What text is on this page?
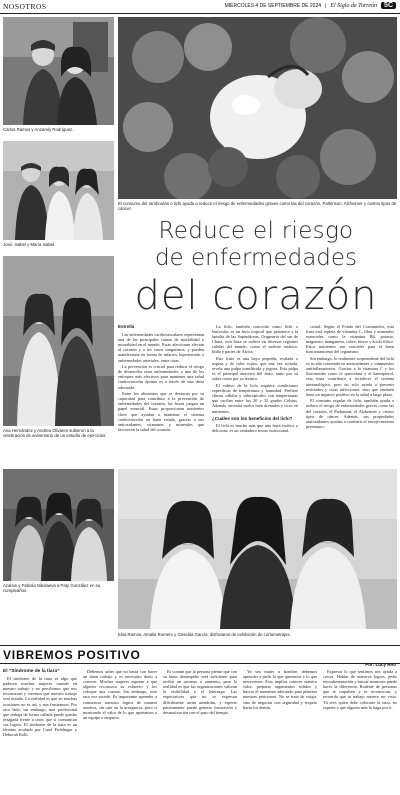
NOSOTROS	MIÉRCOLES 4 DE SEPTIEMBRE DE 2024 | El Siglo de Torreón	5C
Carlos Ramos y Anzarely Rodríguez.
El consumo del ramboután o lichi ayuda a reducir el riesgo de enfermedades graves como las del corazón, Parkinson, Alzheimer y ciertos tipos de cáncer.
Reduce el riesgo
de enfermedades
del corazón
José, Isabel y María Isabel.
Ana Hernández y Andrea Olivares subieron a la celebración de aniversario de un estudio de ejercicios.
Estrella

Las enfermedades cardiovasculares representan una de las principales causas de morbilidad y mortalidad en el mundo. Estas afecciones afectan al corazón y a los vasos sanguíneos, y pueden manifestarse en forma de infartos, hipertensión o enfermedades arteriales, entre otras.

La prevención es crucial para reducir el riesgo de desarrollar estas enfermedades, y uno de los enfoques más efectivos para mantener una salud cardiovascular óptima es a través de una dieta adecuada.

Entre los alimentos que se destacan por su capacidad para contribuir a la prevención de enfermedades del corazón, las frutas juegan un papel esencial. Estas proporcionan nutrientes clave que ayudan a mantener el sistema cardiovascular en buen estado, gracias a sus antioxidantes, vitaminas y minerales que favorecen la salud del corazón.

La lichi, también conocida como lichi o lenticular, es un fruto tropical que pertenece a la familia de las Sapindáceas. Originaria del sur de China, esta fruta se cultiva en diversas regiones cálidas del mundo, como el sudeste asiático, India y partes de África.

Este fruto es una baya pequeña, ovalada o rugosa y de color rojizo, que una vez tostada, revela una pulpa translúcida y jugosa. Esta pulpa es el principal atractivo del fruto, tanto por su sabor como por su textura.

El cultivo de la lichi requiere condiciones específicas de temperatura y humedad. Prefiere climas cálidos y subtropicales con temperaturas que oscilan entre los 20 y 35 grados Celsius. Además, necesita suelos bien drenados y ricos en nutrientes.

¿Cuáles son los beneficios del lichi?

El lichi es mucho más que una fruta exótica y deliciosa; es un verdadero tesoro nutricional.

cional. Según el Fondo del Consumidor, esta fruta está repleta de vitamina C, fibra y minerales esenciales como la vitamina B6, potasio, magnesio, manganeso, cobre, hierro y ácido fólico. Estos nutrientes son cruciales para el buen funcionamiento del organismo.

Sin embargo, lo realmente sorprendente del lichi es su alto contenido en antioxidantes y compuestos antiinflamatorios. Gracias a la vitamina C y los flavonoides como la quercetina y el kaempferol, esta fruta contribuye a fortalecer el sistema inmunológico, pero no solo ayuda a prevenir resfriados y otras infecciones, sino que también tiene un impacto positivo en la salud a largo plazo.

El consumo regular de lichi, también ayuda a reducir el riesgo de enfermedades graves como las del corazón, el Parkinson, el Alzheimer y ciertos tipos de cáncer. Además, sus propiedades antioxidantes ayudan a combatir el envejecimiento prematuro.

Azalain y Fabiola Nikolaeva a Paty González en su cumpleaños.
Elsa Ramos, Amalia Romero y Griselda García, disfrutaron de exhibición de cortometrajes.
VIBREMOS POSITIVO
Por: Lucy Hoo
El “Síndrome de la tiara”

El síndrome de la tiara es algo que padecen muchas mujeres cuando en nuestro trabajo y no percibimos que nos reconozcan y creemos que nuestro trabajo será notado. La realidad es que en muchas ocasiones no es así, y nos frustramos. Por otro lado, sin embargo, una profesional que trabaja de forma callada puede quedar rezagada frente a otros que sí comunican sus logros. El síndrome de la tiara es un término acuñado por Carol Frohlinger y Deborah Kolb.

Debemos saber que no basta con hacer un buen trabajo y es necesario darlo a conocer. Muchas mujeres esperan a que alguien reconozca su esfuerzo y les coloque una corona. Sin embargo, esto rara vez sucede. Es importante aprender a comunicar nuestros logros de manera asertiva, sin caer en la arrogancia, pero sí mostrando el valor de lo que aportamos a un equipo o empresa.

Es común que la persona piense que con su buen desempeño será suficiente para recibir un ascenso o aumento, pero la realidad es que las organizaciones valoran la visibilidad y el liderazgo. Las expectativas que no se expresan difícilmente serán atendidas, y esperar pasivamente puede generar frustración y desmotivación con el paso del tiempo.

Ya sea mujer u hombre, debemos aprender a pedir lo que queremos y lo que merecemos. Esto implica conocer nuestro valor, preparar argumentos sólidos y buscar el momento adecuado para plantear nuestras peticiones. No se trata de exigir, sino de negociar con seguridad y respeto hacia los demás.

Expresar lo que sentimos nos ayuda a crecer. Hablar de nuestros logros, pedir retroalimentación y buscar mentores puede hacer la diferencia. Rodéate de personas que te impulsen y te reconozcan, y recuerda que tu trabajo merece ser visto. Tú eres quien debe colocarte la tiara, no esperes a que alguien más lo haga por ti.
